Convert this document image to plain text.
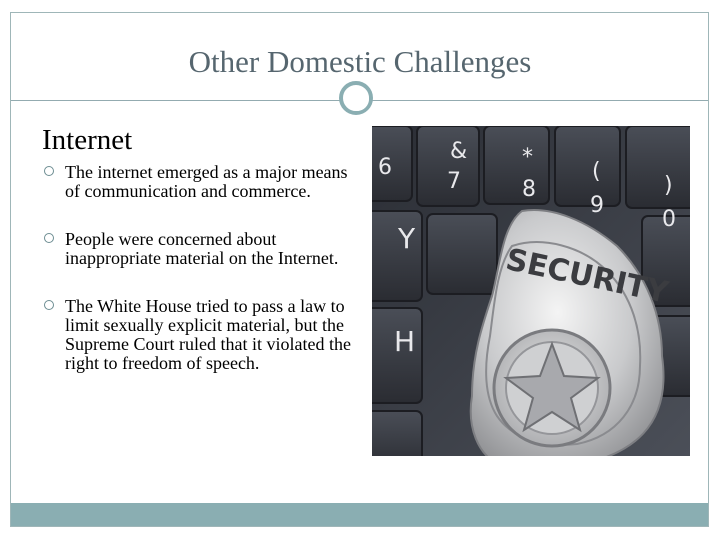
Other Domestic Challenges
Internet
The internet emerged as a major means of communication and commerce.
People were concerned about inappropriate material on the Internet.
The White House tried to pass a law to limit sexually explicit material, but the Supreme Court ruled that it violated the right to freedom of speech.
& *
(
)
6
7	8
9
0
Y
H
SECURITY
